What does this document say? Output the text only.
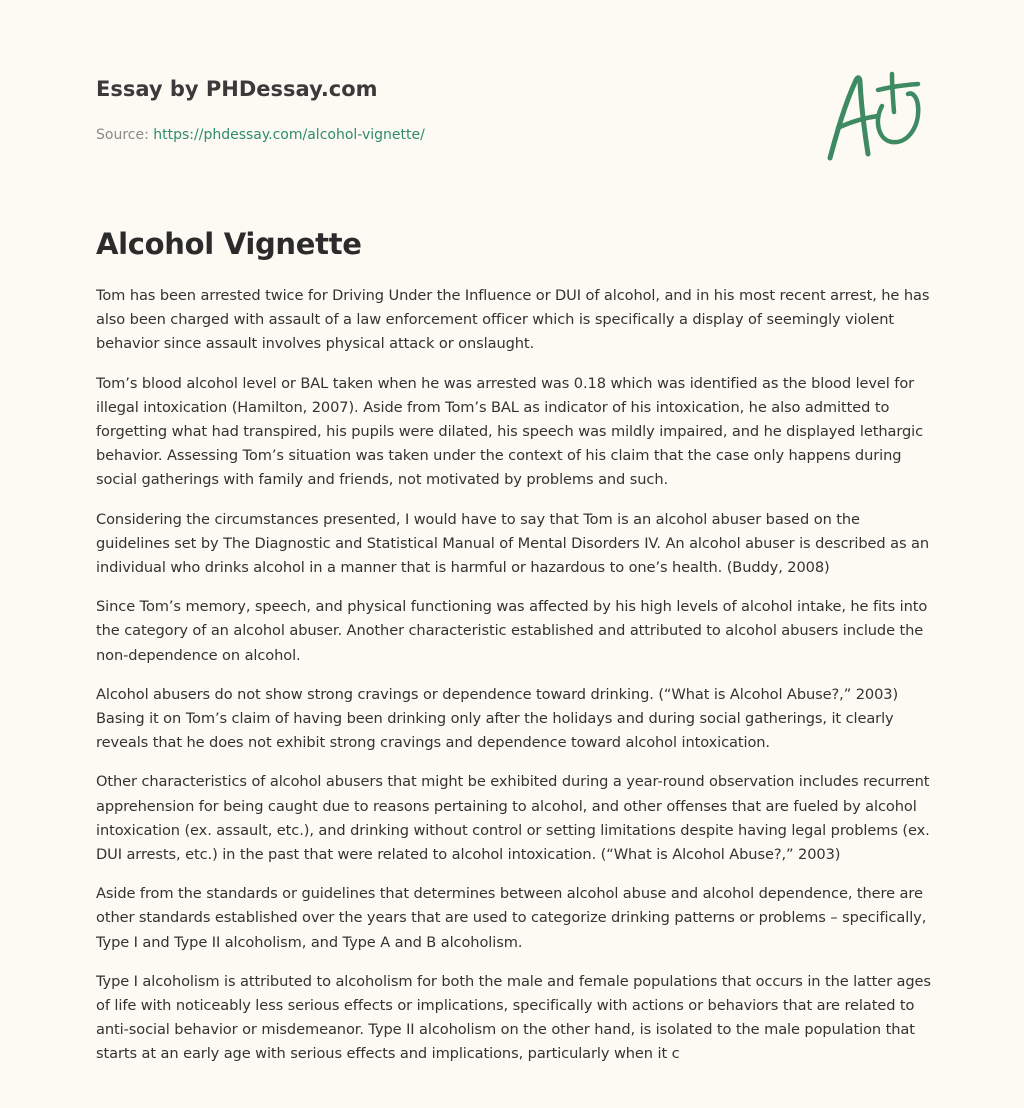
Essay by PHDessay.com
Source: https://phdessay.com/alcohol-vignette/
Alcohol Vignette

Tom has been arrested twice for Driving Under the Influence or DUI of alcohol, and in his most recent arrest, he has also been charged with assault of a law enforcement officer which is specifically a display of seemingly violent behavior since assault involves physical attack or onslaught.

Tom’s blood alcohol level or BAL taken when he was arrested was 0.18 which was identified as the blood level for illegal intoxication (Hamilton, 2007). Aside from Tom’s BAL as indicator of his intoxication, he also admitted to forgetting what had transpired, his pupils were dilated, his speech was mildly impaired, and he displayed lethargic behavior. Assessing Tom’s situation was taken under the context of his claim that the case only happens during social gatherings with family and friends, not motivated by problems and such.

Considering the circumstances presented, I would have to say that Tom is an alcohol abuser based on the guidelines set by The Diagnostic and Statistical Manual of Mental Disorders IV. An alcohol abuser is described as an individual who drinks alcohol in a manner that is harmful or hazardous to one’s health. (Buddy, 2008)

Since Tom’s memory, speech, and physical functioning was affected by his high levels of alcohol intake, he fits into the category of an alcohol abuser. Another characteristic established and attributed to alcohol abusers include the non-dependence on alcohol.

Alcohol abusers do not show strong cravings or dependence toward drinking. (“What is Alcohol Abuse?,” 2003) Basing it on Tom’s claim of having been drinking only after the holidays and during social gatherings, it clearly reveals that he does not exhibit strong cravings and dependence toward alcohol intoxication.

Other characteristics of alcohol abusers that might be exhibited during a year-round observation includes recurrent apprehension for being caught due to reasons pertaining to alcohol, and other offenses that are fueled by alcohol intoxication (ex. assault, etc.), and drinking without control or setting limitations despite having legal problems (ex. DUI arrests, etc.) in the past that were related to alcohol intoxication. (“What is Alcohol Abuse?,” 2003)

Aside from the standards or guidelines that determines between alcohol abuse and alcohol dependence, there are other standards established over the years that are used to categorize drinking patterns or problems – specifically, Type I and Type II alcoholism, and Type A and B alcoholism.

Type I alcoholism is attributed to alcoholism for both the male and female populations that occurs in the latter ages of life with noticeably less serious effects or implications, specifically with actions or behaviors that are related to anti-social behavior or misdemeanor. Type II alcoholism on the other hand, is isolated to the male population that starts at an early age with serious effects and implications, particularly when it c
